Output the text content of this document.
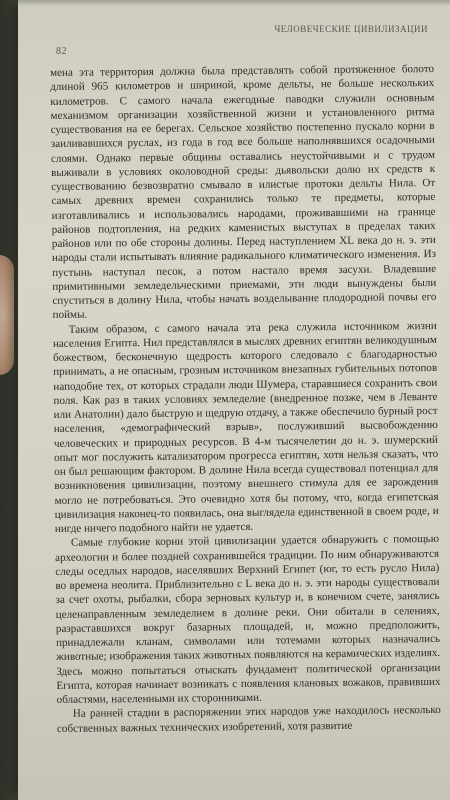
ЧЕЛОВЕЧЕСКИЕ ЦИВИЛИЗАЦИИ
82

мена эта территория должна была представлять собой протяженное болото длиной 965 километров и шириной, кроме дельты, не больше нескольких километров. С самого начала ежегодные паводки служили основным механизмом организации хозяйственной жизни и установленного ритма существования на ее берегах. Сельское хозяйство постепенно пускало корни в заиливавшихся руслах, из года в год все больше наполнявшихся осадочными слоями. Однако первые общины оставались неустойчивыми и с трудом выживали в условиях околоводной среды: дьявольски долю их средств к существованию безвозвратно смывало в илистые протоки дельты Нила. От самых древних времен сохранились только те предметы, которые изготавливались и использовались народами, проживавшими на границе районов подтопления, на редких каменистых выступах в пределах таких районов или по обе стороны долины. Перед наступлением XL века до н. э. эти народы стали испытывать влияние радикального климатического изменения. Из пустынь наступал песок, а потом настало время засухи. Владевшие примитивными земледельческими приемами, эти люди вынуждены были спуститься в долину Нила, чтобы начать возделывание плодородной почвы его поймы.

Таким образом, с самого начала эта река служила источником жизни населения Египта. Нил представлялся в мыслях древних египтян великодушным божеством, бесконечную щедрость которого следовало с благодарностью принимать, а не опасным, грозным источником внезапных губительных потопов наподобие тех, от которых страдали люди Шумера, старавшиеся сохранить свои поля. Как раз в таких условиях земледелие (внедренное позже, чем в Леванте или Анатолии) дало быструю и щедрую отдачу, а также обеспечило бурный рост населения, «демографический взрыв», послуживший высвобождению человеческих и природных ресурсов. В 4-м тысячелетии до н. э. шумерский опыт мог послужить катализатором прогресса египтян, хотя нельзя сказать, что он был решающим фактором. В долине Нила всегда существовал потенциал для возникновения цивилизации, поэтому внешнего стимула для ее зарождения могло не потребоваться. Это очевидно хотя бы потому, что, когда египетская цивилизация наконец-то появилась, она выглядела единственной в своем роде, и нигде ничего подобного найти не удается.

Самые глубокие корни этой цивилизации удается обнаружить с помощью археологии и более поздней сохранившейся традиции. По ним обнаруживаются следы оседлых народов, населявших Верхний Египет (юг, то есть русло Нила) во времена неолита. Приблизительно с L века до н. э. эти народы существовали за счет охоты, рыбалки, сбора зерновых культур и, в конечном счете, занялись целенаправленным земледелием в долине реки. Они обитали в селениях, разраставшихся вокруг базарных площадей, и, можно предположить, принадлежали кланам, символами или тотемами которых назначались животные; изображения таких животных появляются на керамических изделиях. Здесь можно попытаться отыскать фундамент политической организации Египта, которая начинает возникать с появления клановых вожаков, правивших областями, населенными их сторонниками.

На ранней стадии в распоряжении этих народов уже находилось несколько собственных важных технических изобретений, хотя развитие
